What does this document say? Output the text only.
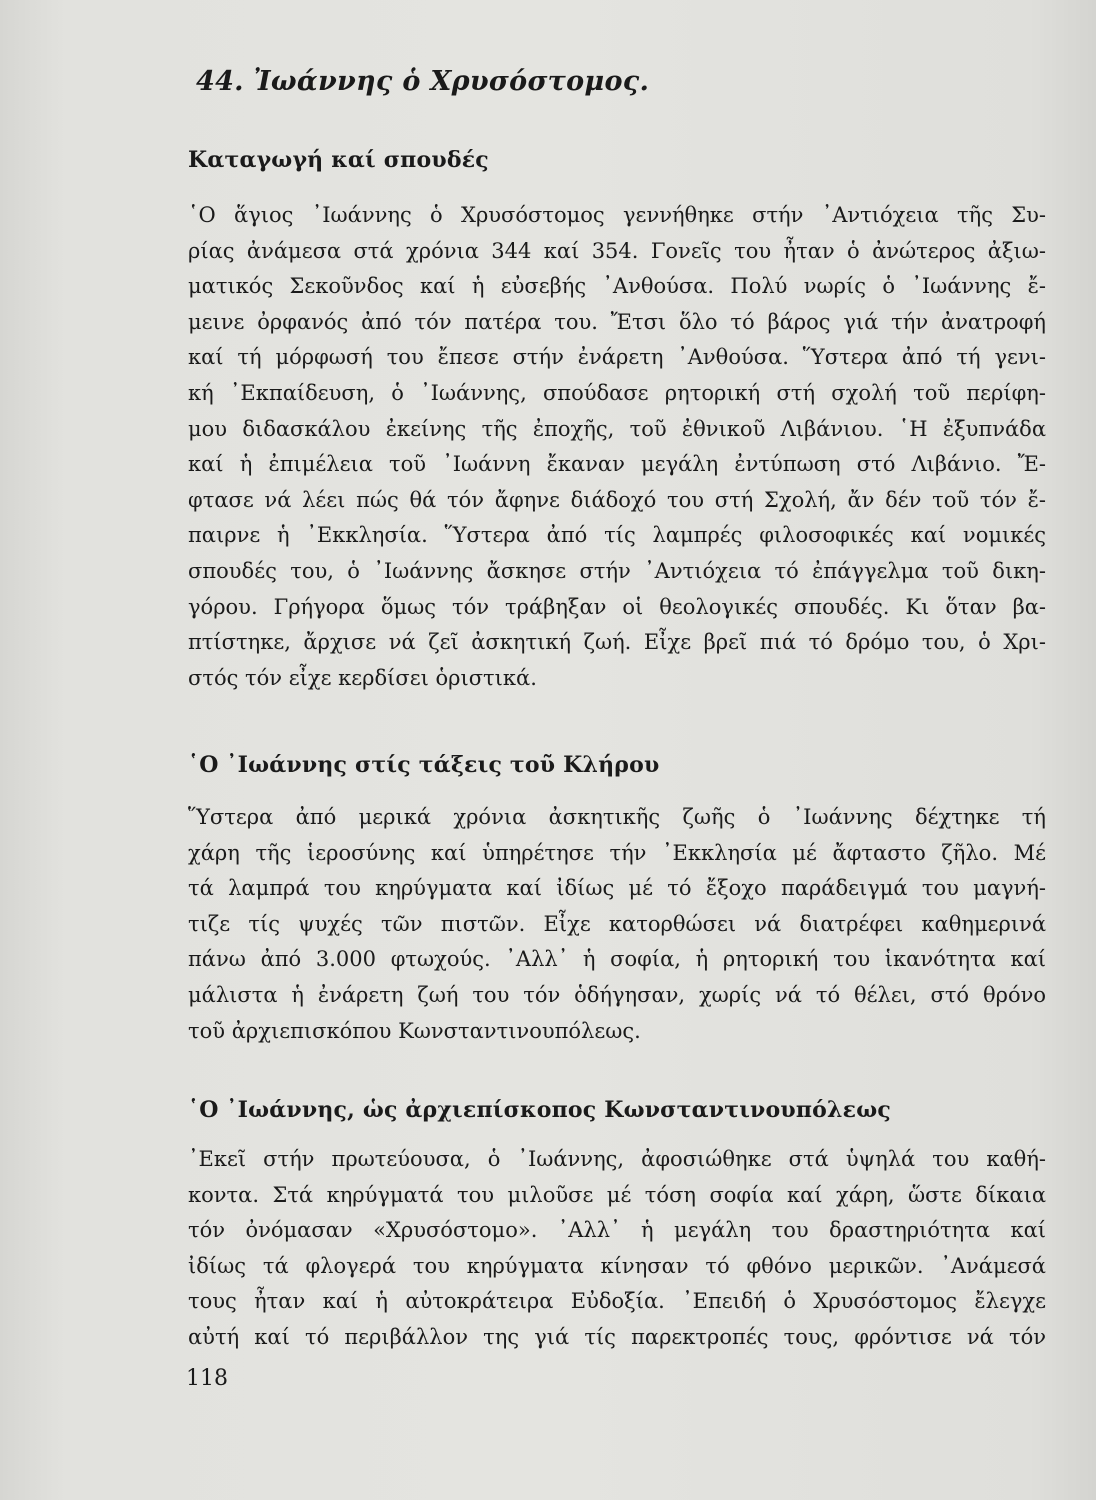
44. Ἰωάννης ὁ Χρυσόστομος.
Καταγωγή καί σπουδές
῾Ο ἅγιος ᾿Ιωάννης ὁ Χρυσόστομος γεννήθηκε στήν ᾿Αντιόχεια τῆς Συ-
ρίας ἀνάμεσα στά χρόνια 344 καί 354. Γονεῖς του ἦταν ὁ ἀνώτερος ἀξιω-
ματικός Σεκοῦνδος καί ἡ εὐσεβής ᾿Ανθούσα. Πολύ νωρίς ὁ ᾿Ιωάννης ἔ-
μεινε ὀρφανός ἀπό τόν πατέρα του. Ἔτσι ὅλο τό βάρος γιά τήν ἀνατροφή
καί τή μόρφωσή του ἔπεσε στήν ἐνάρετη ᾿Ανθούσα. Ὕστερα ἀπό τή γενι-
κή ᾿Εκπαίδευση, ὁ ᾿Ιωάννης, σπούδασε ρητορική στή σχολή τοῦ περίφη-
μου διδασκάλου ἐκείνης τῆς ἐποχῆς, τοῦ ἐθνικοῦ Λιβάνιου. ῾Η ἐξυπνάδα
καί ἡ ἐπιμέλεια τοῦ ᾿Ιωάννη ἔκαναν μεγάλη ἐντύπωση στό Λιβάνιο. Ἔ-
φτασε νά λέει πώς θά τόν ἄφηνε διάδοχό του στή Σχολή, ἄν δέν τοῦ τόν ἔ-
παιρνε ἡ ᾿Εκκλησία. Ὕστερα ἀπό τίς λαμπρές φιλοσοφικές καί νομικές
σπουδές του, ὁ ᾿Ιωάννης ἄσκησε στήν ᾿Αντιόχεια τό ἐπάγγελμα τοῦ δικη-
γόρου. Γρήγορα ὅμως τόν τράβηξαν οἱ θεολογικές σπουδές. Κι ὅταν βα-
πτίστηκε, ἄρχισε νά ζεῖ ἀσκητική ζωή. Εἶχε βρεῖ πιά τό δρόμο του, ὁ Χρι-
στός τόν εἶχε κερδίσει ὁριστικά.
῾Ο ᾿Ιωάννης στίς τάξεις τοῦ Κλήρου
Ὕστερα ἀπό μερικά χρόνια ἀσκητικῆς ζωῆς ὁ ᾿Ιωάννης δέχτηκε τή
χάρη τῆς ἱεροσύνης καί ὑπηρέτησε τήν ᾿Εκκλησία μέ ἄφταστο ζῆλο. Μέ
τά λαμπρά του κηρύγματα καί ἰδίως μέ τό ἔξοχο παράδειγμά του μαγνή-
τιζε τίς ψυχές τῶν πιστῶν. Εἶχε κατορθώσει νά διατρέφει καθημερινά
πάνω ἀπό 3.000 φτωχούς. ᾿Αλλ᾿ ἡ σοφία, ἡ ρητορική του ἱκανότητα καί
μάλιστα ἡ ἐνάρετη ζωή του τόν ὁδήγησαν, χωρίς νά τό θέλει, στό θρόνο
τοῦ ἀρχιεπισκόπου Κωνσταντινουπόλεως.
῾Ο ᾿Ιωάννης, ὡς ἀρχιεπίσκοπος Κωνσταντινουπόλεως
᾿Εκεῖ στήν πρωτεύουσα, ὁ ᾿Ιωάννης, ἀφοσιώθηκε στά ὑψηλά του καθή-
κοντα. Στά κηρύγματά του μιλοῦσε μέ τόση σοφία καί χάρη, ὥστε δίκαια
τόν ὀνόμασαν «Χρυσόστομο». ᾿Αλλ᾿ ἡ μεγάλη του δραστηριότητα καί
ἰδίως τά φλογερά του κηρύγματα κίνησαν τό φθόνο μερικῶν. ᾿Ανάμεσά
τους ἦταν καί ἡ αὐτοκράτειρα Εὐδοξία. ᾿Επειδή ὁ Χρυσόστομος ἔλεγχε
αὐτή καί τό περιβάλλον της γιά τίς παρεκτροπές τους, φρόντισε νά τόν

118
